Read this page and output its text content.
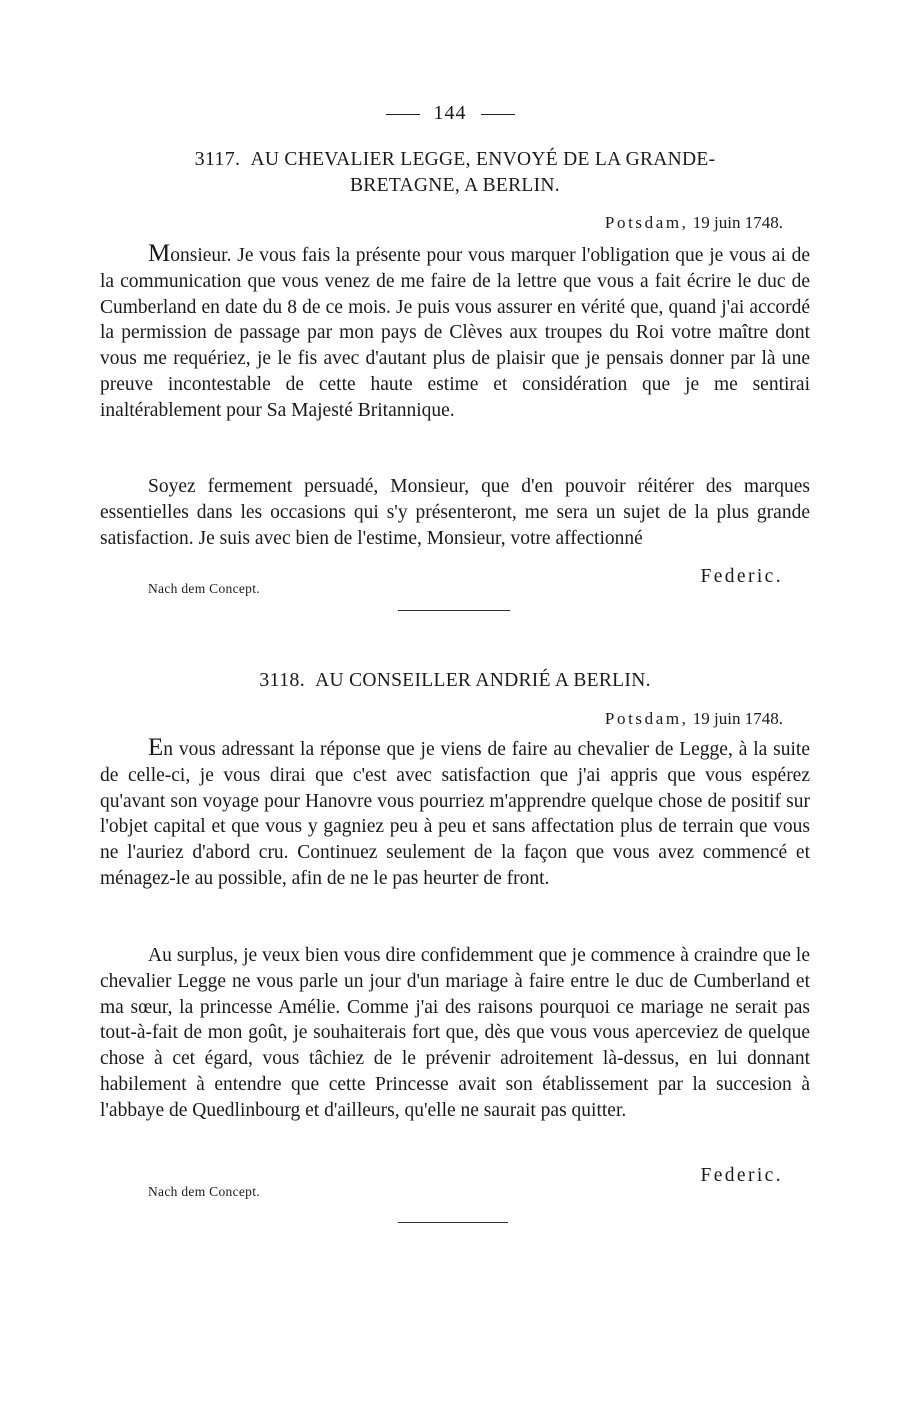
144
3117. AU CHEVALIER LEGGE, ENVOYÉ DE LA GRANDE-
BRETAGNE, A BERLIN.
Potsdam, 19 juin 1748.

Monsieur. Je vous fais la présente pour vous marquer l'obligation que je vous ai de la communication que vous venez de me faire de la lettre que vous a fait écrire le duc de Cumberland en date du 8 de ce mois. Je puis vous assurer en vérité que, quand j'ai accordé la permission de passage par mon pays de Clèves aux troupes du Roi votre maître dont vous me requériez, je le fis avec d'autant plus de plaisir que je pensais donner par là une preuve incontestable de cette haute estime et considération que je me sentirai inaltérablement pour Sa Majesté Britannique.

Soyez fermement persuadé, Monsieur, que d'en pouvoir réitérer des marques essentielles dans les occasions qui s'y présenteront, me sera un sujet de la plus grande satisfaction. Je suis avec bien de l'estime, Monsieur, votre affectionné

Federic.
Nach dem Concept.
3118. AU CONSEILLER ANDRIÉ A BERLIN.
Potsdam, 19 juin 1748.

En vous adressant la réponse que je viens de faire au chevalier de Legge, à la suite de celle-ci, je vous dirai que c'est avec satisfaction que j'ai appris que vous espérez qu'avant son voyage pour Hanovre vous pourriez m'apprendre quelque chose de positif sur l'objet capital et que vous y gagniez peu à peu et sans affectation plus de terrain que vous ne l'auriez d'abord cru. Continuez seulement de la façon que vous avez commencé et ménagez-le au possible, afin de ne le pas heurter de front.

Au surplus, je veux bien vous dire confidemment que je commence à craindre que le chevalier Legge ne vous parle un jour d'un mariage à faire entre le duc de Cumberland et ma sœur, la princesse Amélie. Comme j'ai des raisons pourquoi ce mariage ne serait pas tout-à-fait de mon goût, je souhaiterais fort que, dès que vous vous aperceviez de quelque chose à cet égard, vous tâchiez de le prévenir adroitement là-dessus, en lui donnant habilement à entendre que cette Princesse avait son établissement par la succesion à l'abbaye de Quedlinbourg et d'ailleurs, qu'elle ne saurait pas quitter.

Federic.
Nach dem Concept.
